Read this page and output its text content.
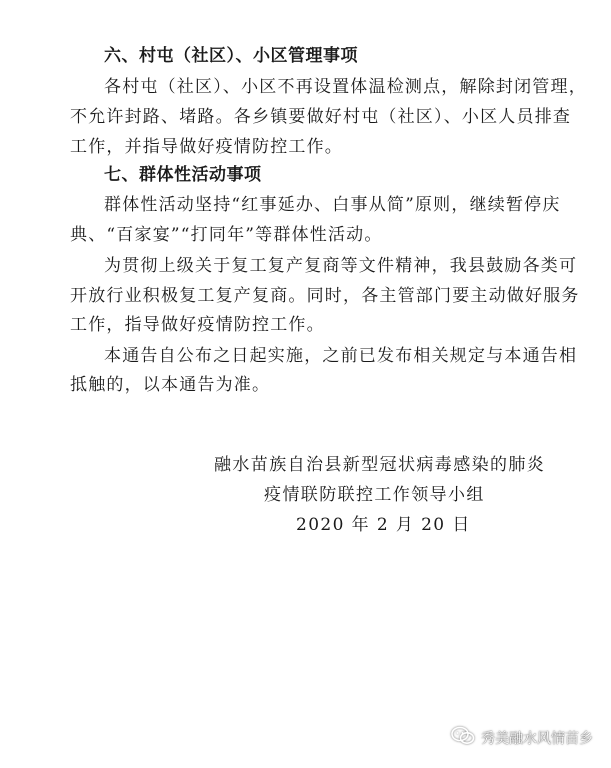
六、村屯（社区）、小区管理事项
各村屯（社区）、小区不再设置体温检测点，解除封闭管理，
不允许封路、堵路。各乡镇要做好村屯（社区）、小区人员排查
工作，并指导做好疫情防控工作。
七、群体性活动事项
群体性活动坚持“红事延办、白事从简”原则，继续暂停庆
典、“百家宴”“打同年”等群体性活动。
为贯彻上级关于复工复产复商等文件精神，我县鼓励各类可
开放行业积极复工复产复商。同时，各主管部门要主动做好服务
工作，指导做好疫情防控工作。
本通告自公布之日起实施，之前已发布相关规定与本通告相
抵触的，以本通告为准。
融水苗族自治县新型冠状病毒感染的肺炎
疫情联防联控工作领导小组
2020 年 2 月 20 日
秀美融水风情苗乡
